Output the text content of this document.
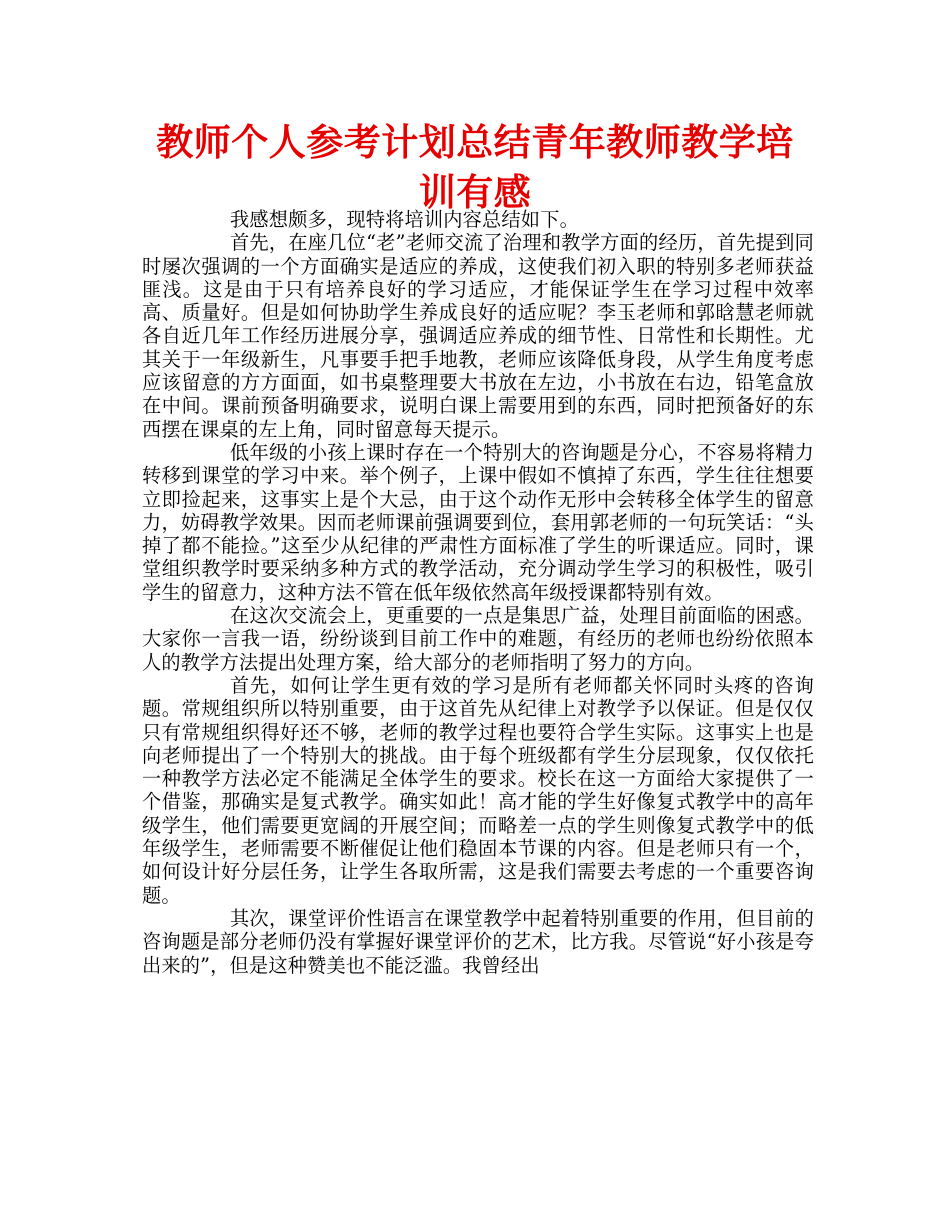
教师个人参考计划总结青年教师教学培训有感

我感想颇多，现特将培训内容总结如下。

首先，在座几位“老”老师交流了治理和教学方面的经历，首先提到同时屡次强调的一个方面确实是适应的养成，这使我们初入职的特别多老师获益匪浅。这是由于只有培养良好的学习适应，才能保证学生在学习过程中效率高、质量好。但是如何协助学生养成良好的适应呢？李玉老师和郭晗慧老师就各自近几年工作经历进展分享，强调适应养成的细节性、日常性和长期性。尤其关于一年级新生，凡事要手把手地教，老师应该降低身段，从学生角度考虑应该留意的方方面面，如书桌整理要大书放在左边，小书放在右边，铅笔盒放在中间。课前预备明确要求，说明白课上需要用到的东西，同时把预备好的东西摆在课桌的左上角，同时留意每天提示。

低年级的小孩上课时存在一个特别大的咨询题是分心，不容易将精力转移到课堂的学习中来。举个例子，上课中假如不慎掉了东西，学生往往想要立即捡起来，这事实上是个大忌，由于这个动作无形中会转移全体学生的留意力，妨碍教学效果。因而老师课前强调要到位，套用郭老师的一句玩笑话：“头掉了都不能捡。”这至少从纪律的严肃性方面标准了学生的听课适应。同时，课堂组织教学时要采纳多种方式的教学活动，充分调动学生学习的积极性，吸引学生的留意力，这种方法不管在低年级依然高年级授课都特别有效。

在这次交流会上，更重要的一点是集思广益，处理目前面临的困惑。大家你一言我一语，纷纷谈到目前工作中的难题，有经历的老师也纷纷依照本人的教学方法提出处理方案，给大部分的老师指明了努力的方向。

首先，如何让学生更有效的学习是所有老师都关怀同时头疼的咨询题。常规组织所以特别重要，由于这首先从纪律上对教学予以保证。但是仅仅只有常规组织得好还不够，老师的教学过程也要符合学生实际。这事实上也是向老师提出了一个特别大的挑战。由于每个班级都有学生分层现象，仅仅依托一种教学方法必定不能满足全体学生的要求。校长在这一方面给大家提供了一个借鉴，那确实是复式教学。确实如此！高才能的学生好像复式教学中的高年级学生，他们需要更宽阔的开展空间；而略差一点的学生则像复式教学中的低年级学生，老师需要不断催促让他们稳固本节课的内容。但是老师只有一个，如何设计好分层任务，让学生各取所需，这是我们需要去考虑的一个重要咨询题。

其次，课堂评价性语言在课堂教学中起着特别重要的作用，但目前的咨询题是部分老师仍没有掌握好课堂评价的艺术，比方我。尽管说“好小孩是夸出来的”，但是这种赞美也不能泛滥。我曾经出
